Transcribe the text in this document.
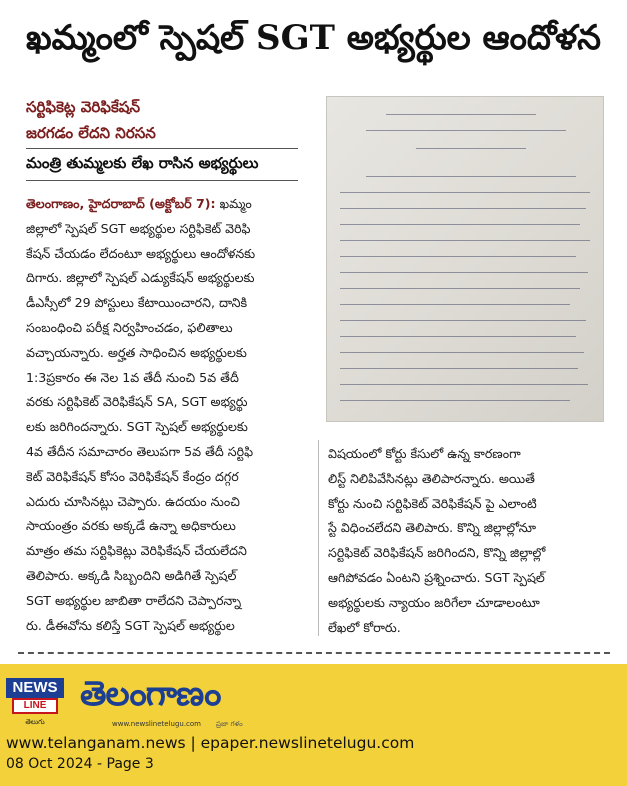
ఖమ్మంలో స్పెషల్ SGT అభ్యర్థుల ఆందోళన
సర్టిఫికెట్ల వెరిఫికేషన్
జరగడం లేదని నిరసన
మంత్రి తుమ్మలకు లేఖ రాసిన అభ్యర్థులు
తెలంగాణం, హైదరాబాద్ (అక్టోబర్ 7): ఖమ్మం
జిల్లాలో స్పెషల్ SGT అభ్యర్థుల సర్టిఫికెట్ వెరిఫి
కేషన్ చేయడం లేదంటూ అభ్యర్థులు ఆందోళనకు
దిగారు. జిల్లాలో స్పెషల్ ఎడ్యుకేషన్ అభ్యర్థులకు
డీఎస్సీలో 29 పోస్టులు కేటాయించారని, దానికి
సంబంధించి పరీక్ష నిర్వహించడం, ఫలితాలు
వచ్చాయన్నారు. అర్హత సాధించిన అభ్యర్థులకు
1:3ప్రకారం ఈ నెల 1వ తేదీ నుంచి 5వ తేదీ
వరకు సర్టిఫికెట్ వెరిఫికేషన్ SA, SGT అభ్యర్థు
లకు జరిగిందన్నారు. SGT స్పెషల్ అభ్యర్థులకు
4వ తేదీన సమాచారం తెలుపగా 5వ తేదీ సర్టిఫి
కెట్ వెరిఫికేషన్ కోసం వెరిఫికేషన్ కేంద్రం దగ్గర
ఎదురు చూసినట్లు చెప్పారు. ఉదయం నుంచి
సాయంత్రం వరకు అక్కడే ఉన్నా అధికారులు
మాత్రం తమ సర్టిఫికెట్లు వెరిఫికేషన్ చేయలేదని
తెలిపారు. అక్కడి సిబ్బందిని అడిగితే స్పెషల్
SGT అభ్యర్థుల జాబితా రాలేదని చెప్పారన్నా
రు. డీఈవోను కలిస్తే SGT స్పెషల్ అభ్యర్థుల
విషయంలో కోర్టు కేసులో ఉన్న కారణంగా
లిస్ట్ నిలిపివేసినట్లు తెలిపారన్నారు. అయితే
కోర్టు నుంచి సర్టిఫికెట్ వెరిఫికేషన్ పై ఎలాంటి
స్టే విధించలేదని తెలిపారు. కొన్ని జిల్లాల్లోనూ
సర్టిఫికెట్ వెరిఫికేషన్ జరిగిందని, కొన్ని జిల్లాల్లో
ఆగిపోవడం ఏంటని ప్రశ్నించారు. SGT స్పెషల్
అభ్యర్థులకు న్యాయం జరిగేలా చూడాలంటూ
లేఖలో కోరారు.
NEWS
LINE
తెలుగు
తెలంగాణం
www.newslinetelugu.com ప్రజా గళం
www.telanganam.news | epaper.newslinetelugu.com
08 Oct 2024 - Page 3
